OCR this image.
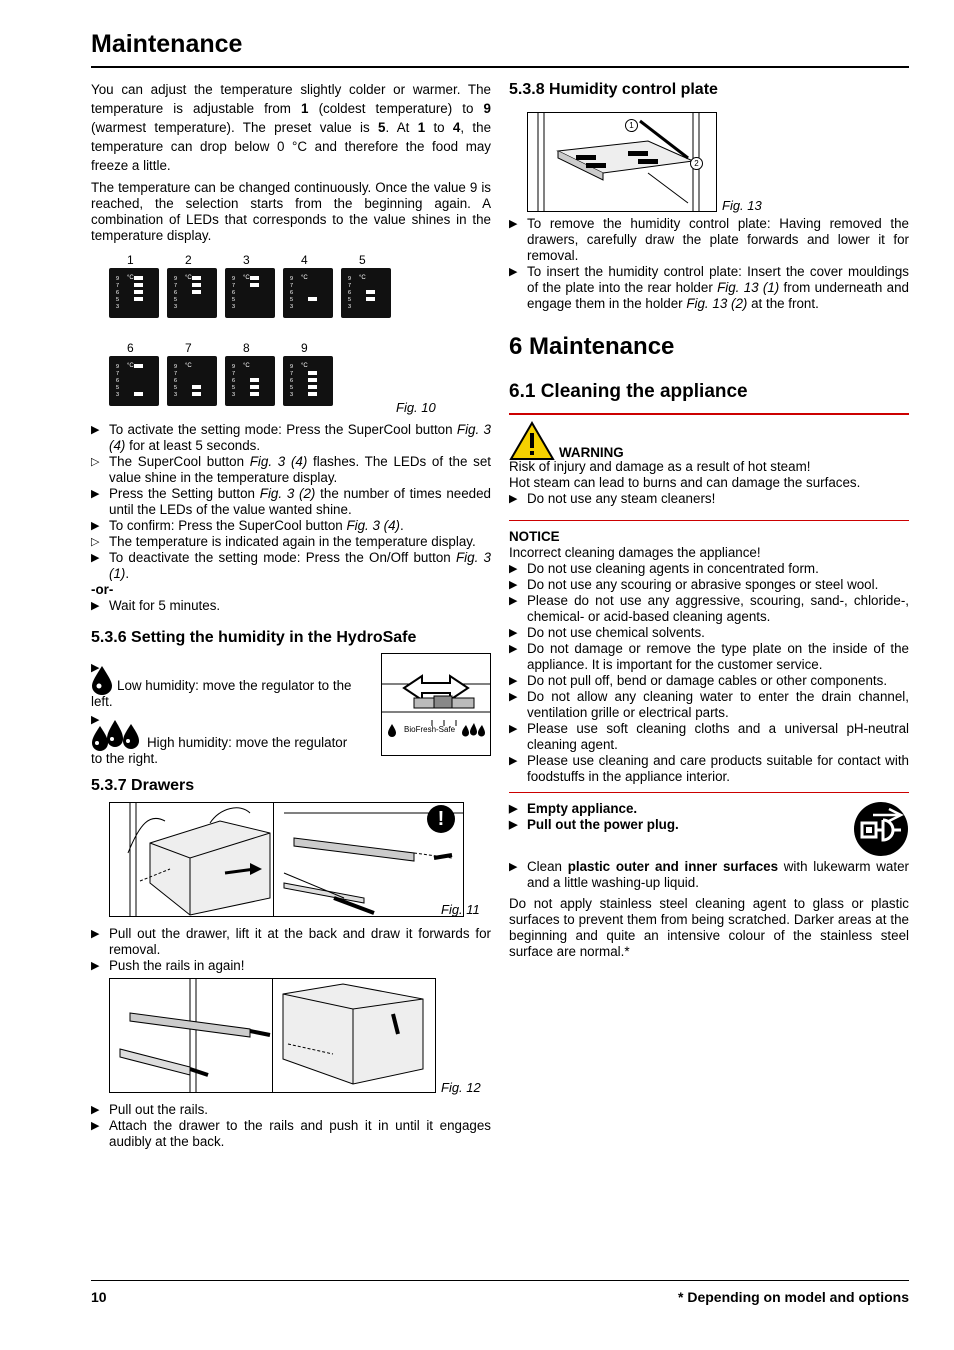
Maintenance

You can adjust the temperature slightly colder or warmer. The temperature is adjustable from 1 (coldest temperature) to 9 (warmest temperature). The preset value is 5. At 1 to 4, the temperature can drop below 0 °C and therefore the food may freeze a little.

The temperature can be changed continuously. Once the value 9 is reached, the selection starts from the beginning again. A combination of LEDs that corresponds to the value shines in the temperature display.

1
°C
9
7
6
5
3
2
°C
9
7
6
5
3
3
°C
9
7
6
5
3
4
°C
9
7
6
5
3
5
°C
9
7
6
5
3
6
°C
9
7
6
5
3
7
°C
9
7
6
5
3
8
°C
9
7
6
5
3
9
°C
9
7
6
5
3
Fig. 10
▶ To activate the setting mode: Press the SuperCool button Fig. 3 (4) for at least 5 seconds.
▷ The SuperCool button Fig. 3 (4) flashes. The LEDs of the set value shine in the temperature display.
▶ Press the Setting button Fig. 3 (2) the number of times needed until the LEDs of the value wanted shine.
▶ To confirm: Press the SuperCool button Fig. 3 (4).
▷ The temperature is indicated again in the temperature display.
▶ To deactivate the setting mode: Press the On/Off button Fig. 3 (1).
-or-
▶ Wait for 5 minutes.
5.3.6 Setting the humidity in the HydroSafe
▶
Low humidity: move the regulator to the left.
▶
High humidity: move the regulator to the right.
BioFresh-Safe
5.3.7 Drawers
!
Fig. 11
▶ Pull out the drawer, lift it at the back and draw it forwards for removal.
▶ Push the rails in again!
Fig. 12
▶ Pull out the rails.
▶ Attach the drawer to the rails and push it in until it engages audibly at the back.
5.3.8 Humidity control plate
1
2
Fig. 13
▶ To remove the humidity control plate: Having removed the drawers, carefully draw the plate forwards and lower it for removal.
▶ To insert the humidity control plate: Insert the cover mouldings of the plate into the rear holder Fig. 13 (1) from underneath and engage them in the holder Fig. 13 (2) at the front.
6 Maintenance
6.1 Cleaning the appliance
WARNING
Risk of injury and damage as a result of hot steam!
Hot steam can lead to burns and can damage the surfaces.
▶ Do not use any steam cleaners!
NOTICE
Incorrect cleaning damages the appliance!
▶ Do not use cleaning agents in concentrated form.
▶ Do not use any scouring or abrasive sponges or steel wool.
▶ Please do not use any aggressive, scouring, sand-, chloride-, chemical- or acid-based cleaning agents.
▶ Do not use chemical solvents.
▶ Do not damage or remove the type plate on the inside of the appliance. It is important for the customer service.
▶ Do not pull off, bend or damage cables or other components.
▶ Do not allow any cleaning water to enter the drain channel, ventilation grille or electrical parts.
▶ Please use soft cleaning cloths and a universal pH-neutral cleaning agent.
▶ Please use cleaning and care products suitable for contact with foodstuffs in the appliance interior.
▶ Empty appliance.
▶ Pull out the power plug.
▶ Clean plastic outer and inner surfaces with lukewarm water and a little washing-up liquid.

Do not apply stainless steel cleaning agent to glass or plastic surfaces to prevent them from being scratched. Darker areas at the beginning and quite an intensive colour of the stainless steel surface are normal.*

10	* Depending on model and options
